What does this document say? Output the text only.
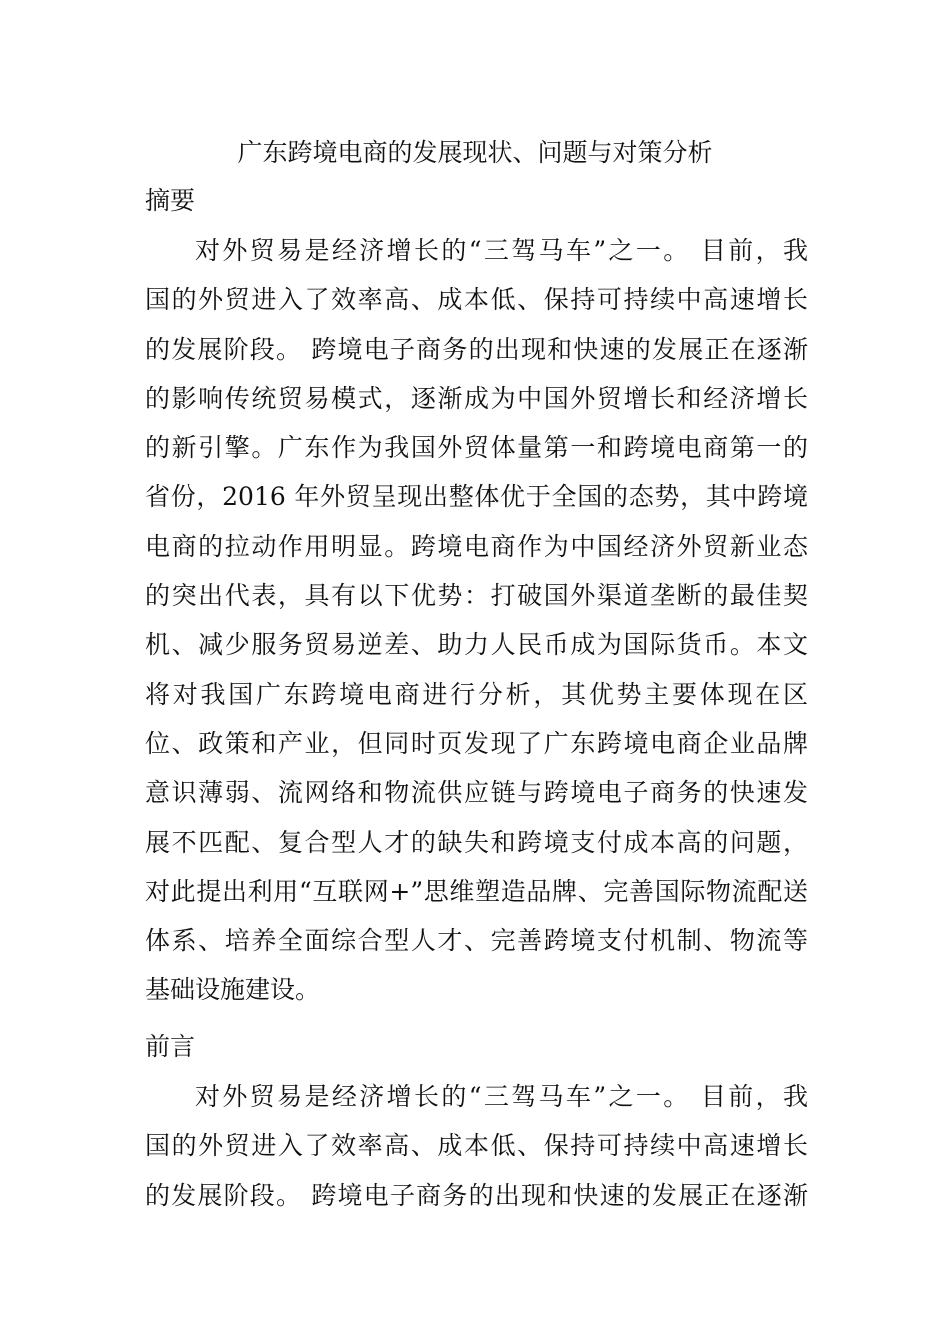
广东跨境电商的发展现状、问题与对策分析
摘要
对外贸易是经济增长的“三驾马车”之一。 目前，我
国的外贸进入了效率高、成本低、保持可持续中高速增长
的发展阶段。 跨境电子商务的出现和快速的发展正在逐渐
的影响传统贸易模式，逐渐成为中国外贸增长和经济增长
的新引擎。广东作为我国外贸体量第一和跨境电商第一的
省份，2016 年外贸呈现出整体优于全国的态势，其中跨境
电商的拉动作用明显。跨境电商作为中国经济外贸新业态
的突出代表，具有以下优势：打破国外渠道垄断的最佳契
机、减少服务贸易逆差、助力人民币成为国际货币。本文
将对我国广东跨境电商进行分析，其优势主要体现在区
位、政策和产业，但同时页发现了广东跨境电商企业品牌
意识薄弱、流网络和物流供应链与跨境电子商务的快速发
展不匹配、复合型人才的缺失和跨境支付成本高的问题，
对此提出利用“互联网+”思维塑造品牌、完善国际物流配送
体系、培养全面综合型人才、完善跨境支付机制、物流等
基础设施建设。
前言
对外贸易是经济增长的“三驾马车”之一。 目前，我
国的外贸进入了效率高、成本低、保持可持续中高速增长
的发展阶段。 跨境电子商务的出现和快速的发展正在逐渐
